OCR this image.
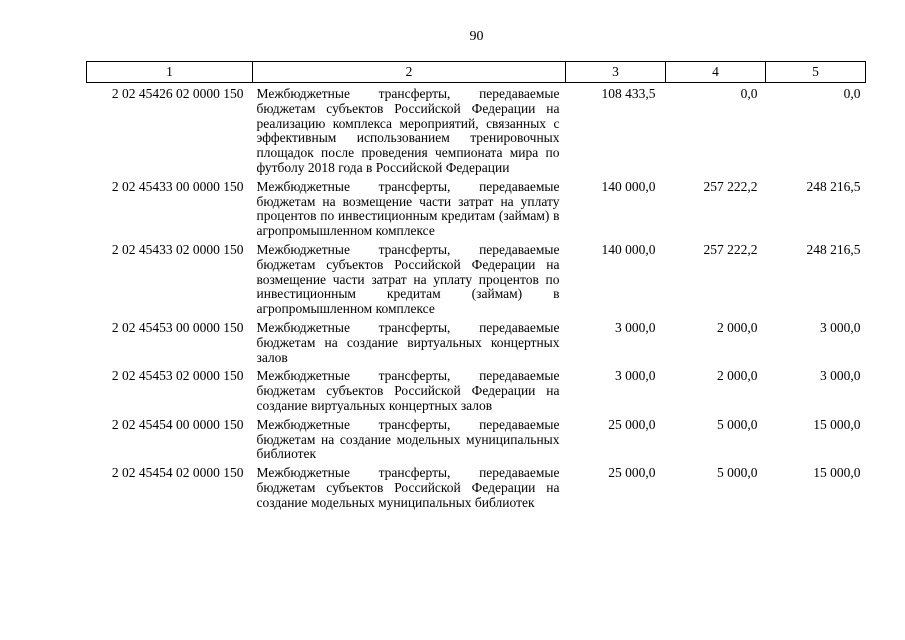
90
1	2	3	4	5
2 02 45426 02 0000 150	Межбюджетные трансферты, передаваемые бюджетам субъектов Российской Федерации на реализацию комплекса мероприятий, связанных с эффективным использованием тренировочных площадок после проведения чемпионата мира по футболу 2018 года в Российской Федерации	108 433,5	0,0	0,0
2 02 45433 00 0000 150	Межбюджетные трансферты, передаваемые бюджетам на возмещение части затрат на уплату процентов по инвестиционным кредитам (займам) в агропромышленном комплексе	140 000,0	257 222,2	248 216,5
2 02 45433 02 0000 150	Межбюджетные трансферты, передаваемые бюджетам субъектов Российской Федерации на возмещение части затрат на уплату процентов по инвестиционным кредитам (займам) в агропромышленном комплексе	140 000,0	257 222,2	248 216,5
2 02 45453 00 0000 150	Межбюджетные трансферты, передаваемые бюджетам на создание виртуальных концертных залов	3 000,0	2 000,0	3 000,0
2 02 45453 02 0000 150	Межбюджетные трансферты, передаваемые бюджетам субъектов Российской Федерации на создание виртуальных концертных залов	3 000,0	2 000,0	3 000,0
2 02 45454 00 0000 150	Межбюджетные трансферты, передаваемые бюджетам на создание модельных муниципальных библиотек	25 000,0	5 000,0	15 000,0
2 02 45454 02 0000 150	Межбюджетные трансферты, передаваемые бюджетам субъектов Российской Федерации на создание модельных муниципальных библиотек	25 000,0	5 000,0	15 000,0
